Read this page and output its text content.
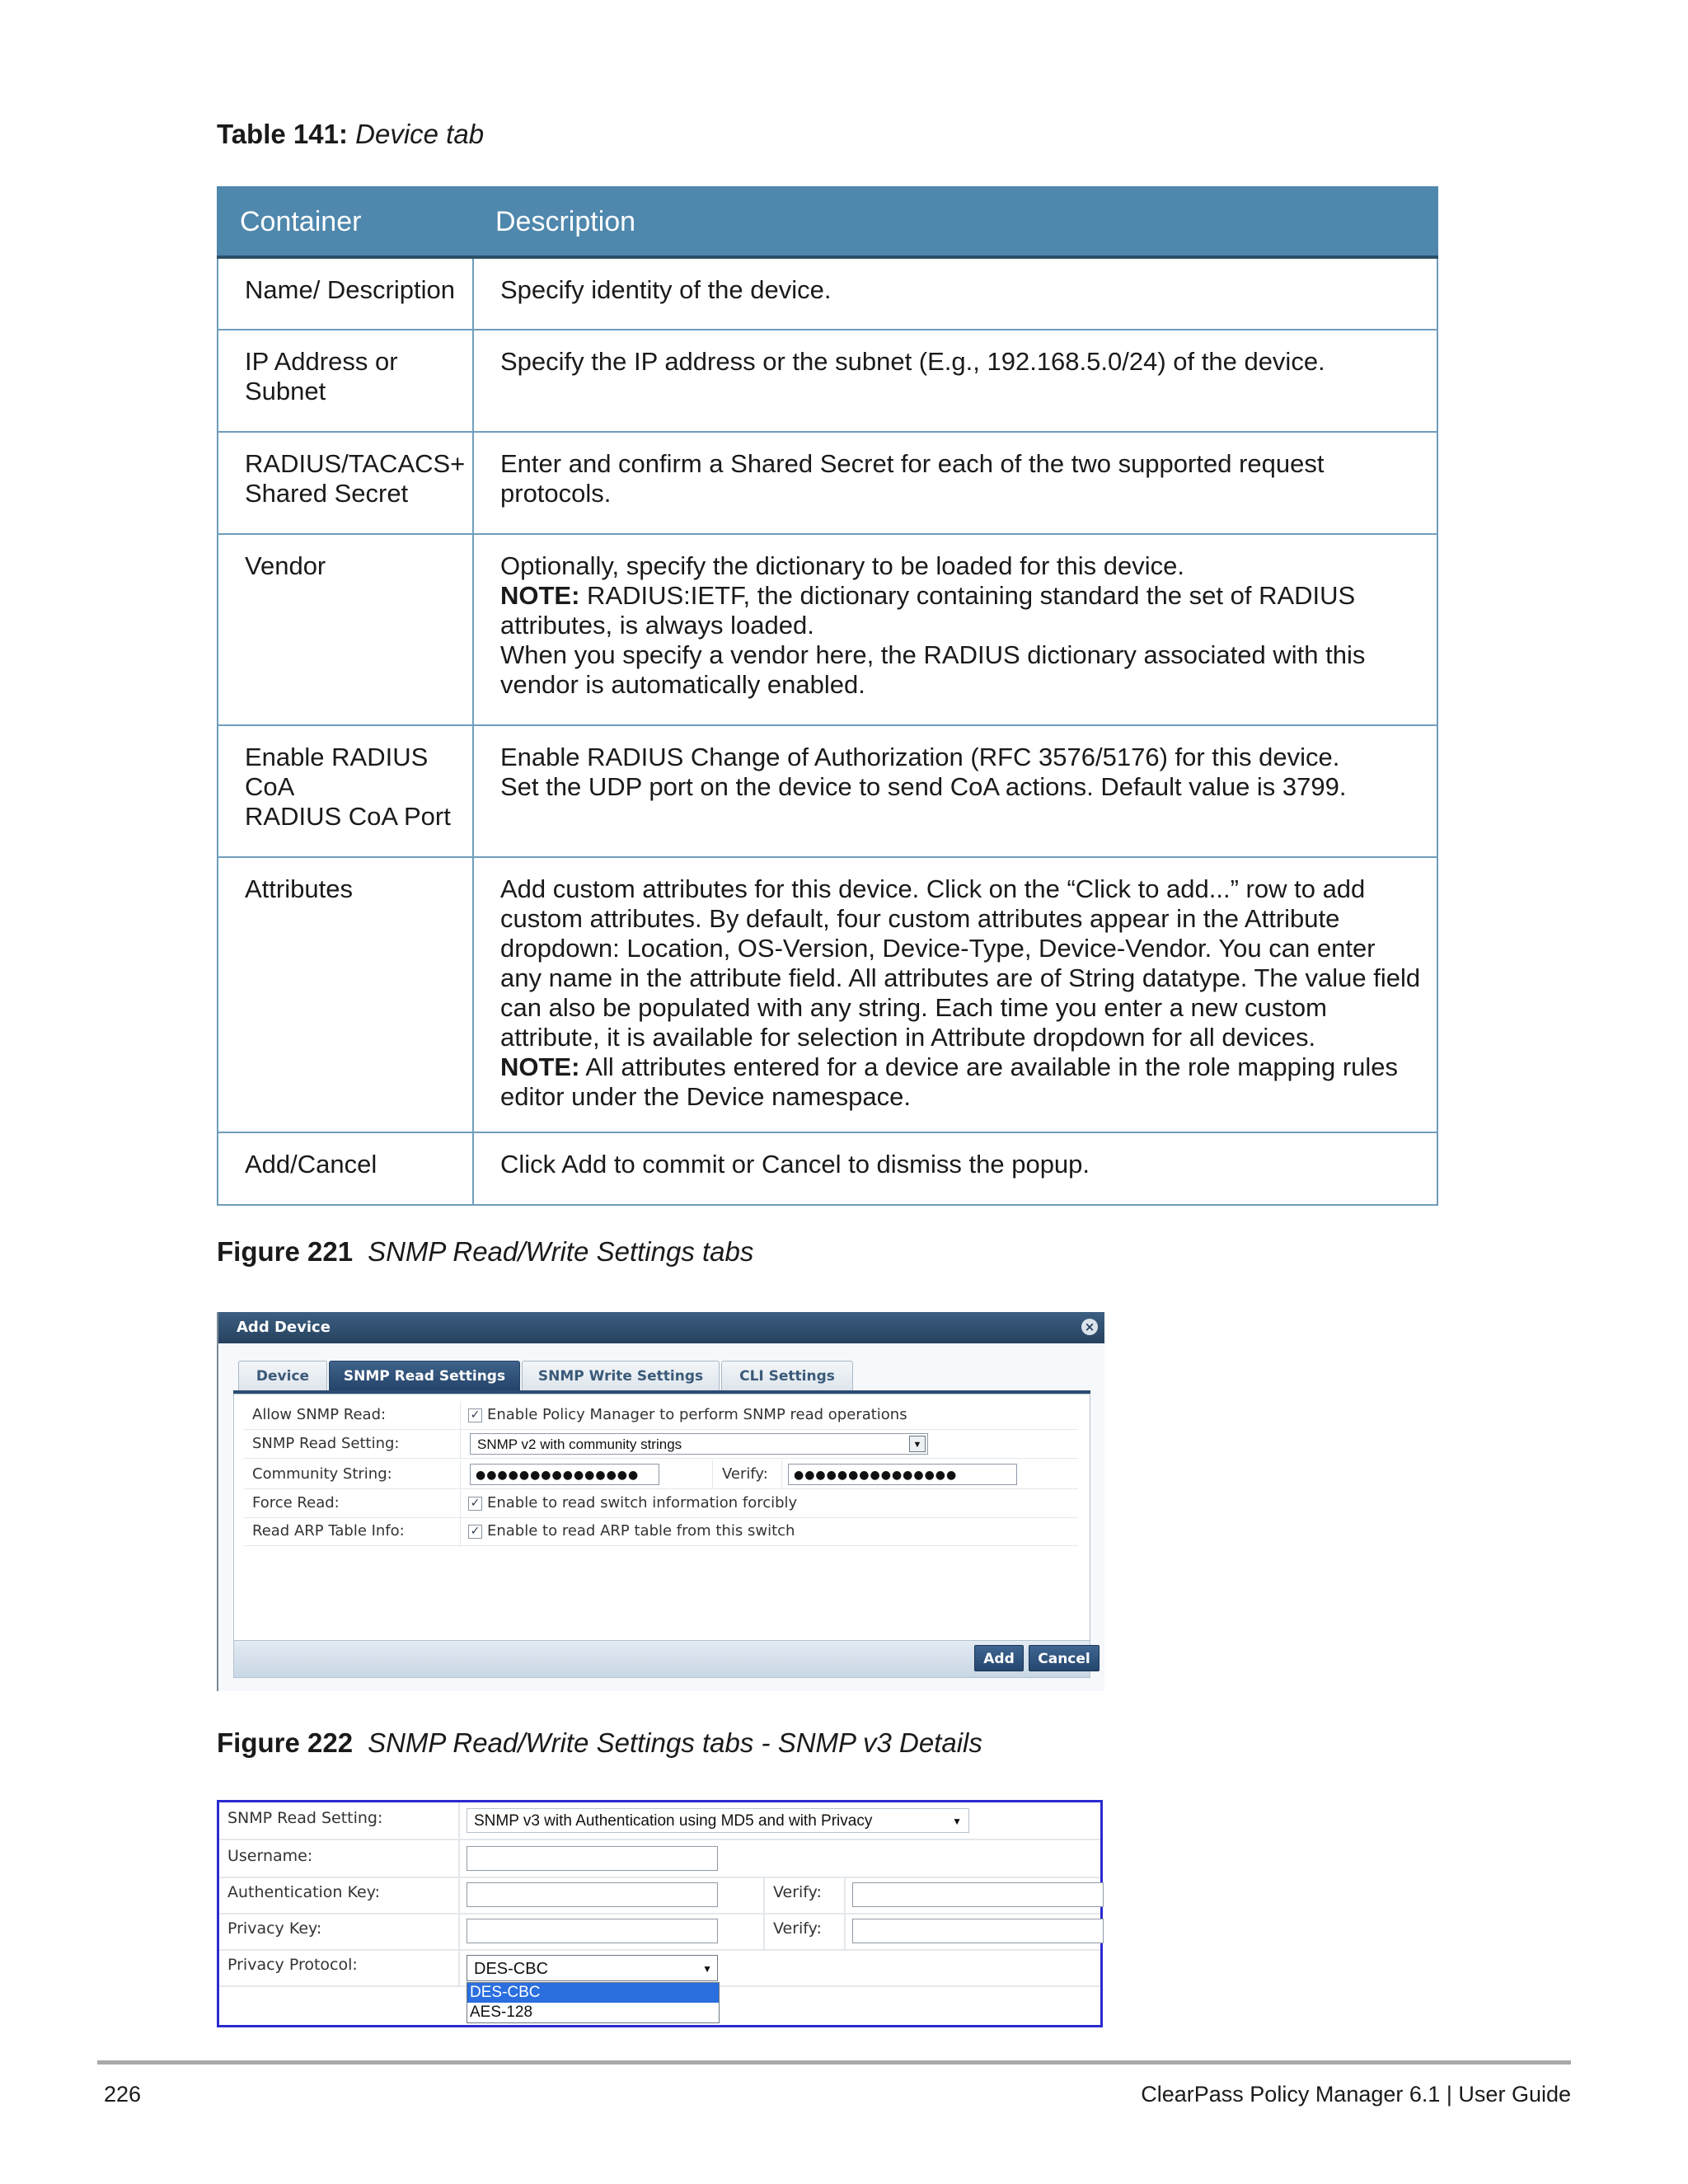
Table 141: Device tab
Container	Description
Name/ Description	Specify identity of the device.
IP Address or
Subnet	Specify the IP address or the subnet (E.g., 192.168.5.0/24) of the device.
RADIUS/TACACS+
Shared Secret	Enter and confirm a Shared Secret for each of the two supported request protocols.
Vendor	Optionally, specify the dictionary to be loaded for this device.
NOTE: RADIUS:IETF, the dictionary containing standard the set of RADIUS attributes, is always loaded.
When you specify a vendor here, the RADIUS dictionary associated with this vendor is automatically enabled.

Enable RADIUS
CoA
RADIUS CoA Port	Enable RADIUS Change of Authorization (RFC 3576/5176) for this device.
Set the UDP port on the device to send CoA actions. Default value is 3799.
Attributes	Add custom attributes for this device. Click on the “Click to add...” row to add custom attributes. By default, four custom attributes appear in the Attribute dropdown: Location, OS-Version, Device-Type, Device-Vendor. You can enter any name in the attribute field. All attributes are of String datatype. The value field can also be populated with any string. Each time you enter a new custom attribute, it is available for selection in Attribute dropdown for all devices.
NOTE: All attributes entered for a device are available in the role mapping rules editor under the Device namespace.

Add/Cancel	Click Add to commit or Cancel to dismiss the popup.
Figure 221 SNMP Read/Write Settings tabs
Add Device	×
Device	SNMP Read Settings	SNMP Write Settings	CLI Settings
Allow SNMP Read:	✓ Enable Policy Manager to perform SNMP read operations
SNMP Read Setting:	SNMP v2 with community strings	▼
Community String:	●●●●●●●●●●●●●●●	Verify:	●●●●●●●●●●●●●●●
Force Read:	✓ Enable to read switch information forcibly
Read ARP Table Info:	✓ Enable to read ARP table from this switch
Add	Cancel
Figure 222 SNMP Read/Write Settings tabs - SNMP v3 Details
SNMP Read Setting:	SNMP v3 with Authentication using MD5 and with Privacy	▼
Username:
Authentication Key:	Verify:
Privacy Key:	Verify:
Privacy Protocol:	DES-CBC	▼
DES-CBC
AES-128
226	ClearPass Policy Manager 6.1 | User Guide
